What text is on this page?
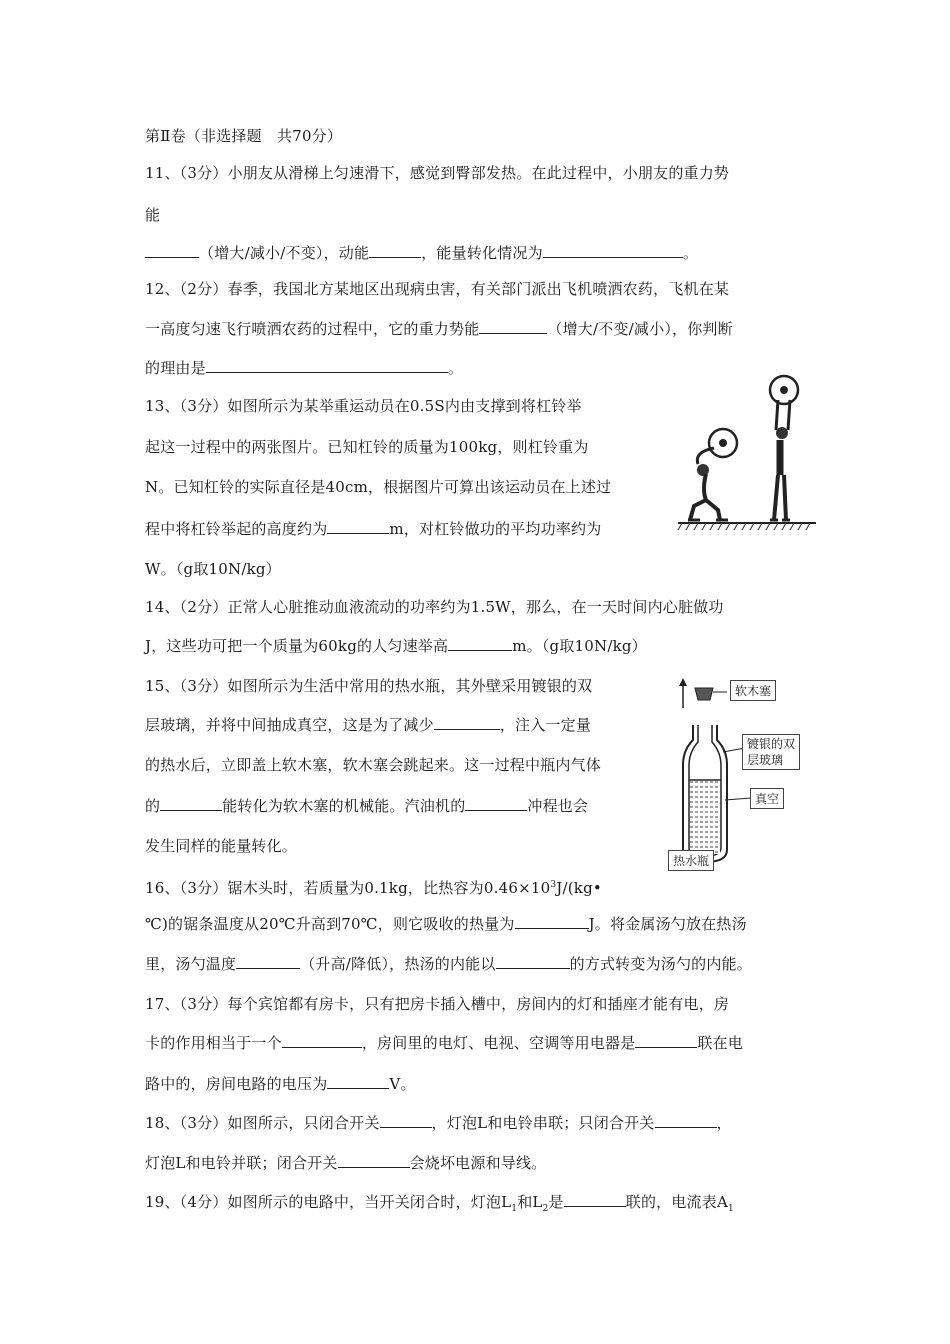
第Ⅱ卷（非选择题　共70分）
11、（3分）小朋友从滑梯上匀速滑下，感觉到臀部发热。在此过程中，小朋友的重力势
能
（增大/减小/不变），动能	，能量转化情况为	。
12、（2分）春季，我国北方某地区出现病虫害，有关部门派出飞机喷洒农药，飞机在某
一高度匀速飞行喷洒农药的过程中，它的重力势能	（增大/不变/减小），你判断
的理由是	。
13、（3分）如图所示为某举重运动员在0.5S内由支撑到将杠铃举
起这一过程中的两张图片。已知杠铃的质量为100kg，则杠铃重为
N。已知杠铃的实际直径是40cm，根据图片可算出该运动员在上述过
程中将杠铃举起的高度约为	m，对杠铃做功的平均功率约为
W。（g取10N/kg）
14、（2分）正常人心脏推动血液流动的功率约为1.5W，那么，在一天时间内心脏做功
J，这些功可把一个质量为60kg的人匀速举高	m。（g取10N/kg）
15、（3分）如图所示为生活中常用的热水瓶，其外壁采用镀银的双
层玻璃，并将中间抽成真空，这是为了减少	，注入一定量
的热水后，立即盖上软木塞，软木塞会跳起来。这一过程中瓶内气体
的	能转化为软木塞的机械能。汽油机的	冲程也会
发生同样的能量转化。
软木塞
镀银的双
层玻璃
真空
热水瓶
16、（3分）锯木头时，若质量为0.1kg，比热容为$0.46\times 10^3J/(kg•$
℃)的锯条温度从20℃升高到70℃，则它吸收的热量为	J。将金属汤勺放在热汤
里，汤勺温度	（升高/降低），热汤的内能以	的方式转变为汤勺的内能。
17、（3分）每个宾馆都有房卡，只有把房卡插入槽中，房间内的灯和插座才能有电，房
卡的作用相当于一个	，房间里的电灯、电视、空调等用电器是	联在电
路中的，房间电路的电压为	V。
18、（3分）如图所示，只闭合开关	，灯泡L和电铃串联；只闭合开关	，
灯泡L和电铃并联；闭合开关	会烧坏电源和导线。
19、（4分）如图所示的电路中，当开关闭合时，灯泡$L_1$和$L_2$是	联的，电流表$A_1$
